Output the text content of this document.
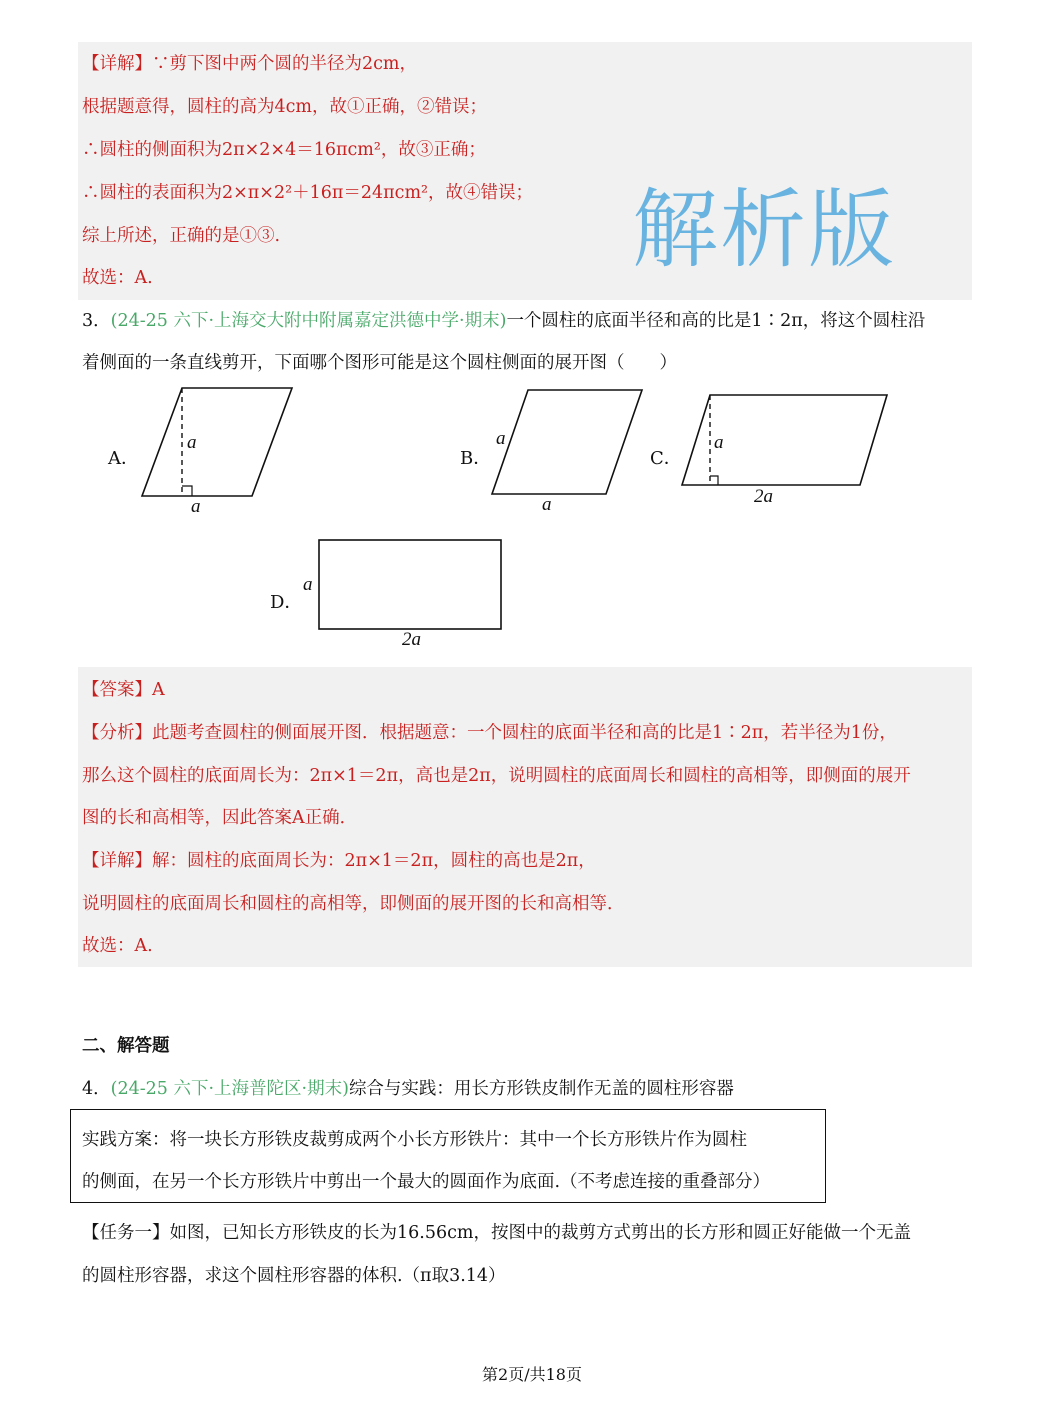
【详解】∵剪下图中两个圆的半径为2cm，
根据题意得，圆柱的高为4cm，故①正确，②错误；
∴圆柱的侧面积为2π×2×4＝16πcm²，故③正确；
∴圆柱的表面积为2×π×2²＋16π＝24πcm²，故④错误；
综上所述，正确的是①③.
故选：A.	解析版
3．(24-25 六下·上海交大附中附属嘉定洪德中学·期末)一个圆柱的底面半径和高的比是1∶2π，将这个圆柱沿
着侧面的一条直线剪开，下面哪个图形可能是这个圆柱侧面的展开图（　　）
A．
a
a
B．
a
a
C．
a
2a
D．
a
2a
【答案】A
【分析】此题考查圆柱的侧面展开图．根据题意：一个圆柱的底面半径和高的比是1∶2π，若半径为1份，
那么这个圆柱的底面周长为：2π×1＝2π，高也是2π，说明圆柱的底面周长和圆柱的高相等，即侧面的展开
图的长和高相等，因此答案A正确．
【详解】解：圆柱的底面周长为：2π×1＝2π，圆柱的高也是2π，
说明圆柱的底面周长和圆柱的高相等，即侧面的展开图的长和高相等．
故选：A.
二、解答题
4．(24-25 六下·上海普陀区·期末)综合与实践：用长方形铁皮制作无盖的圆柱形容器
实践方案：将一块长方形铁皮裁剪成两个小长方形铁片：其中一个长方形铁片作为圆柱
的侧面，在另一个长方形铁片中剪出一个最大的圆面作为底面.（不考虑连接的重叠部分）
【任务一】如图，已知长方形铁皮的长为16.56cm，按图中的裁剪方式剪出的长方形和圆正好能做一个无盖
的圆柱形容器，求这个圆柱形容器的体积.（π取3.14）
第2页/共18页
